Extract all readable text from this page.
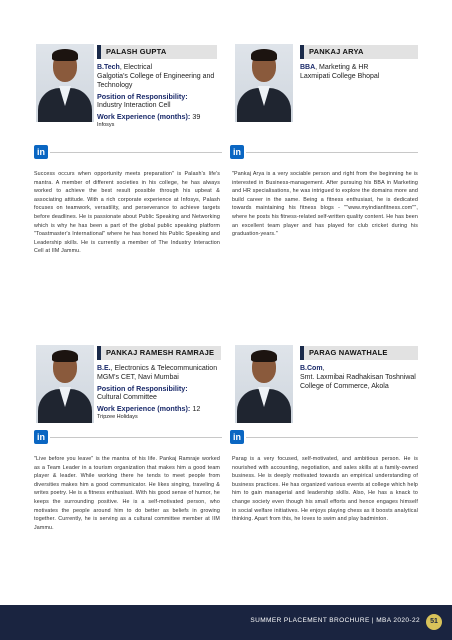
PALASH GUPTA
B.Tech, Electrical
Galgotia's College of Engineering and Technology
Position of Responsibility:
Industry Interaction Cell
Work Experience (months): 39
Infosys
in
Success occurs when opportunity meets preparation" is Palash's life's mantra. A member of different societies in his college, he has always worked to achieve the best result possible through his upbeat & associating attitude. With a rich corporate experience at Infosys, Palash focuses on teamwork, versatility, and perseverance to achieve targets before deadlines. He is passionate about Public Speaking and Networking which is why he has been a part of the global public speaking platform "Toastmaster's International" where he has honed his Public Speaking and Leadership skills. He is currently a member of The Industry Interaction Cell at IIM Jammu.
PANKAJ ARYA
BBA, Marketing & HR
Laxmipati College Bhopal
in
"Pankaj Arya is a very sociable person and right from the beginning he is interested in Business-management. After pursuing his BBA in Marketing and HR specialisations, he was intrigued to explore the domains more and build career in the same. Being a fitness enthusiast, he is dedicated towards maintaining his fitness blogs - ""www.myindianfitness.com"", where he posts his fitness-related self-written quality content. He has been an excellent team player and has played for club cricket during his graduation-years."
PANKAJ RAMESH RAMRAJE
B.E., Electronics & Telecommunication
MGM's CET, Navi Mumbai
Position of Responsibility:
Cultural Committee
Work Experience (months): 12
Tripzee Holidays
in
"Live before you leave" is the mantra of his life. Pankaj Ramraje worked as a Team Leader in a tourism organization that makes him a good team player & leader. While working there he tends to meet people from diversities makes him a good communicator. He likes singing, traveling & writes poetry. He is a fitness enthusiast. With his good sense of humor, he keeps the surrounding positive. He is a self-motivated person, who motivates the people around him to do better as beliefs in growing together. Currently, he is serving as a cultural committee member at IIM Jammu.
PARAG NAWATHALE
B.Com,
Smt. Laxmibai Radhakisan Toshniwal College of Commerce, Akola
in
Parag is a very focused, self-motivated, and ambitious person. He is nourished with accounting, negotiation, and sales skills at a family-owned business. He is deeply motivated towards an empirical understanding of business practices. He has organized various events at college which help him to gain managerial and leadership skills. Also, He has a knack to change society even though his small efforts and hence engages himself in social welfare initiatives. He enjoys playing chess as it boosts analytical thinking. Apart from this, he loves to swim and play badminton.
SUMMER PLACEMENT BROCHURE | MBA 2020-22	51
